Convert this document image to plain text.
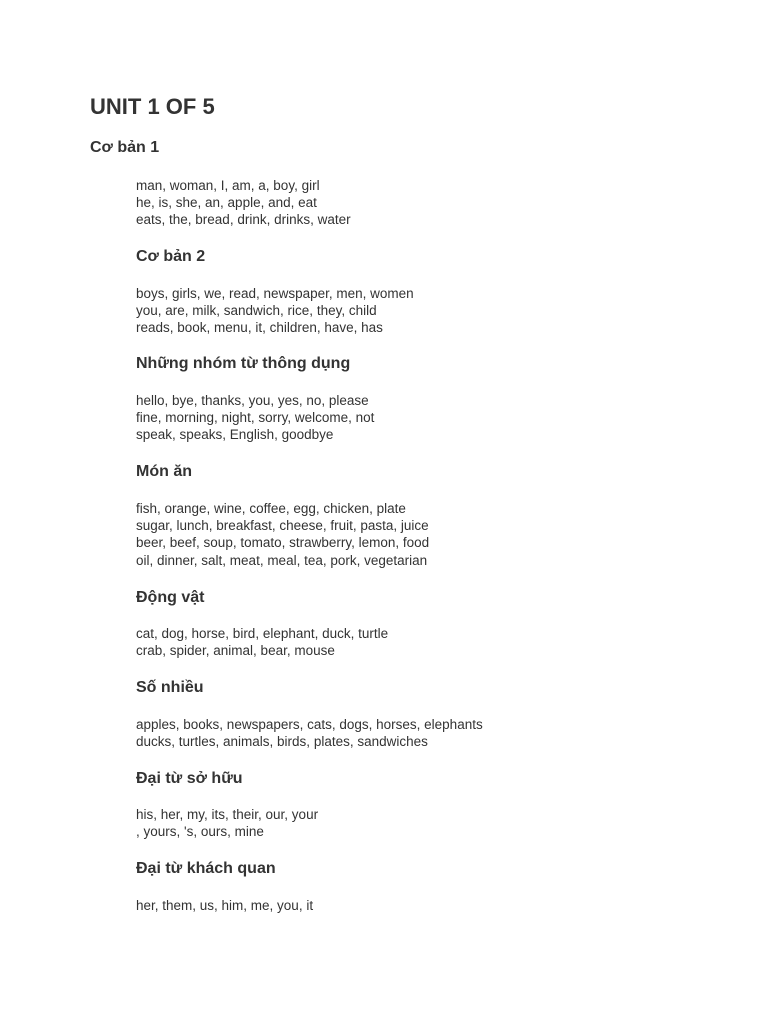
UNIT 1 OF 5
Cơ bản 1
man, woman, I, am, a, boy, girl
he, is, she, an, apple, and, eat
eats, the, bread, drink, drinks, water
Cơ bản 2
boys, girls, we, read, newspaper, men, women
you, are, milk, sandwich, rice, they, child
reads, book, menu, it, children, have, has
Những nhóm từ thông dụng
hello, bye, thanks, you, yes, no, please
fine, morning, night, sorry, welcome, not
speak, speaks, English, goodbye
Món ăn
fish, orange, wine, coffee, egg, chicken, plate
sugar, lunch, breakfast, cheese, fruit, pasta, juice
beer, beef, soup, tomato, strawberry, lemon, food
oil, dinner, salt, meat, meal, tea, pork, vegetarian
Động vật
cat, dog, horse, bird, elephant, duck, turtle
crab, spider, animal, bear, mouse
Số nhiều
apples, books, newspapers, cats, dogs, horses, elephants
ducks, turtles, animals, birds, plates, sandwiches
Đại từ sở hữu
his, her, my, its, their, our, your
, yours, 's, ours, mine
Đại từ khách quan
her, them, us, him, me, you, it
